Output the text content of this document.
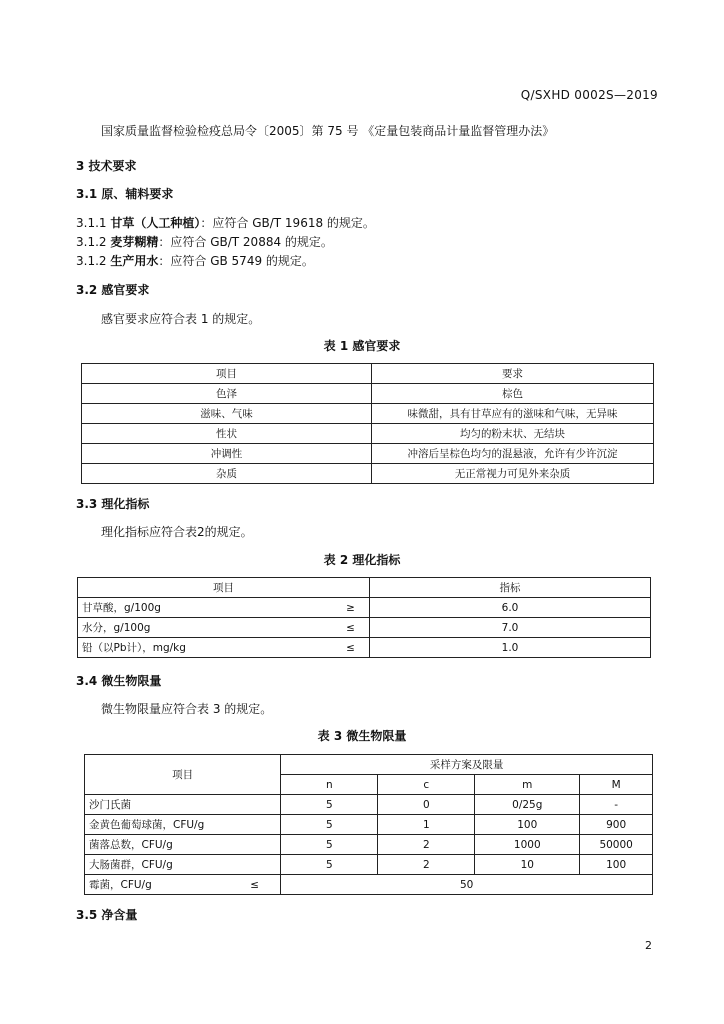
Q/SXHD 0002S—2019
国家质量监督检验检疫总局令〔2005〕第 75 号 《定量包装商品计量监督管理办法》
3 技术要求
3.1 原、辅料要求
3.1.1 甘草（人工种植）：应符合 GB/T 19618 的规定。
3.1.2 麦芽糊精：应符合 GB/T 20884 的规定。
3.1.2 生产用水：应符合 GB 5749 的规定。
3.2 感官要求
感官要求应符合表 1 的规定。
表 1 感官要求
项目	要求
色泽	棕色
滋味、气味	味微甜，具有甘草应有的滋味和气味，无异味
性状	均匀的粉末状、无结块
冲调性	冲溶后呈棕色均匀的混悬液，允许有少许沉淀
杂质	无正常视力可见外来杂质
3.3 理化指标
理化指标应符合表2的规定。
表 2 理化指标
项目		指标
甘草酸，g/100g	≥	6.0
水分，g/100g	≤	7.0
铅（以Pb计），mg/kg	≤	1.0
3.4 微生物限量
微生物限量应符合表 3 的规定。
表 3 微生物限量
项目		采样方案及限量			
		n	c	m	M
沙门氏菌		5	0	0/25g	-
金黄色葡萄球菌，CFU/g		5	1	100	900
菌落总数，CFU/g		5	2	1000	50000
大肠菌群，CFU/g		5	2	10	100
霉菌，CFU/g	≤	50			
3.5 净含量
2
